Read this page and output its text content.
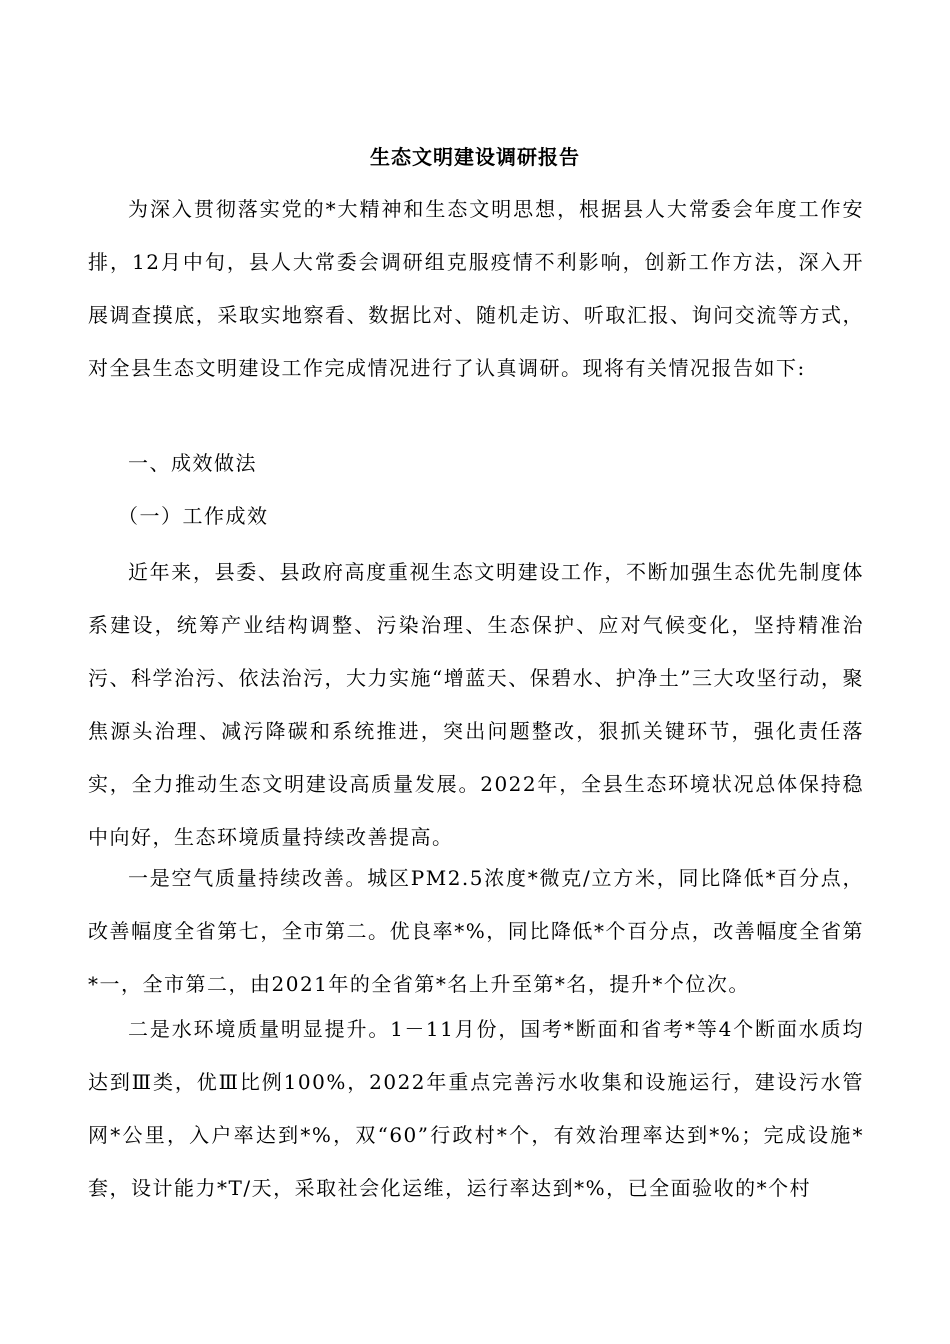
生态文明建设调研报告

为深入贯彻落实党的*大精神和生态文明思想，根据县人大常委会年度工作安排，12月中旬，县人大常委会调研组克服疫情不利影响，创新工作方法，深入开展调查摸底，采取实地察看、数据比对、随机走访、听取汇报、询问交流等方式，对全县生态文明建设工作完成情况进行了认真调研。现将有关情况报告如下:

一、成效做法

（一）工作成效

近年来，县委、县政府高度重视生态文明建设工作，不断加强生态优先制度体系建设，统筹产业结构调整、污染治理、生态保护、应对气候变化，坚持精准治污、科学治污、依法治污，大力实施“增蓝天、保碧水、护净土”三大攻坚行动，聚焦源头治理、减污降碳和系统推进，突出问题整改，狠抓关键环节，强化责任落实，全力推动生态文明建设高质量发展。2022年，全县生态环境状况总体保持稳中向好，生态环境质量持续改善提高。

一是空气质量持续改善。城区PM2.5浓度*微克/立方米，同比降低*百分点，改善幅度全省第七，全市第二。优良率*%，同比降低*个百分点，改善幅度全省第*一，全市第二，由2021年的全省第*名上升至第*名，提升*个位次。

二是水环境质量明显提升。1－11月份，国考*断面和省考*等4个断面水质均达到Ⅲ类，优Ⅲ比例100%，2022年重点完善污水收集和设施运行，建设污水管网*公里，入户率达到*%，双“60”行政村*个，有效治理率达到*%；完成设施*套，设计能力*T/天，采取社会化运维，运行率达到*%，已全面验收的*个村
